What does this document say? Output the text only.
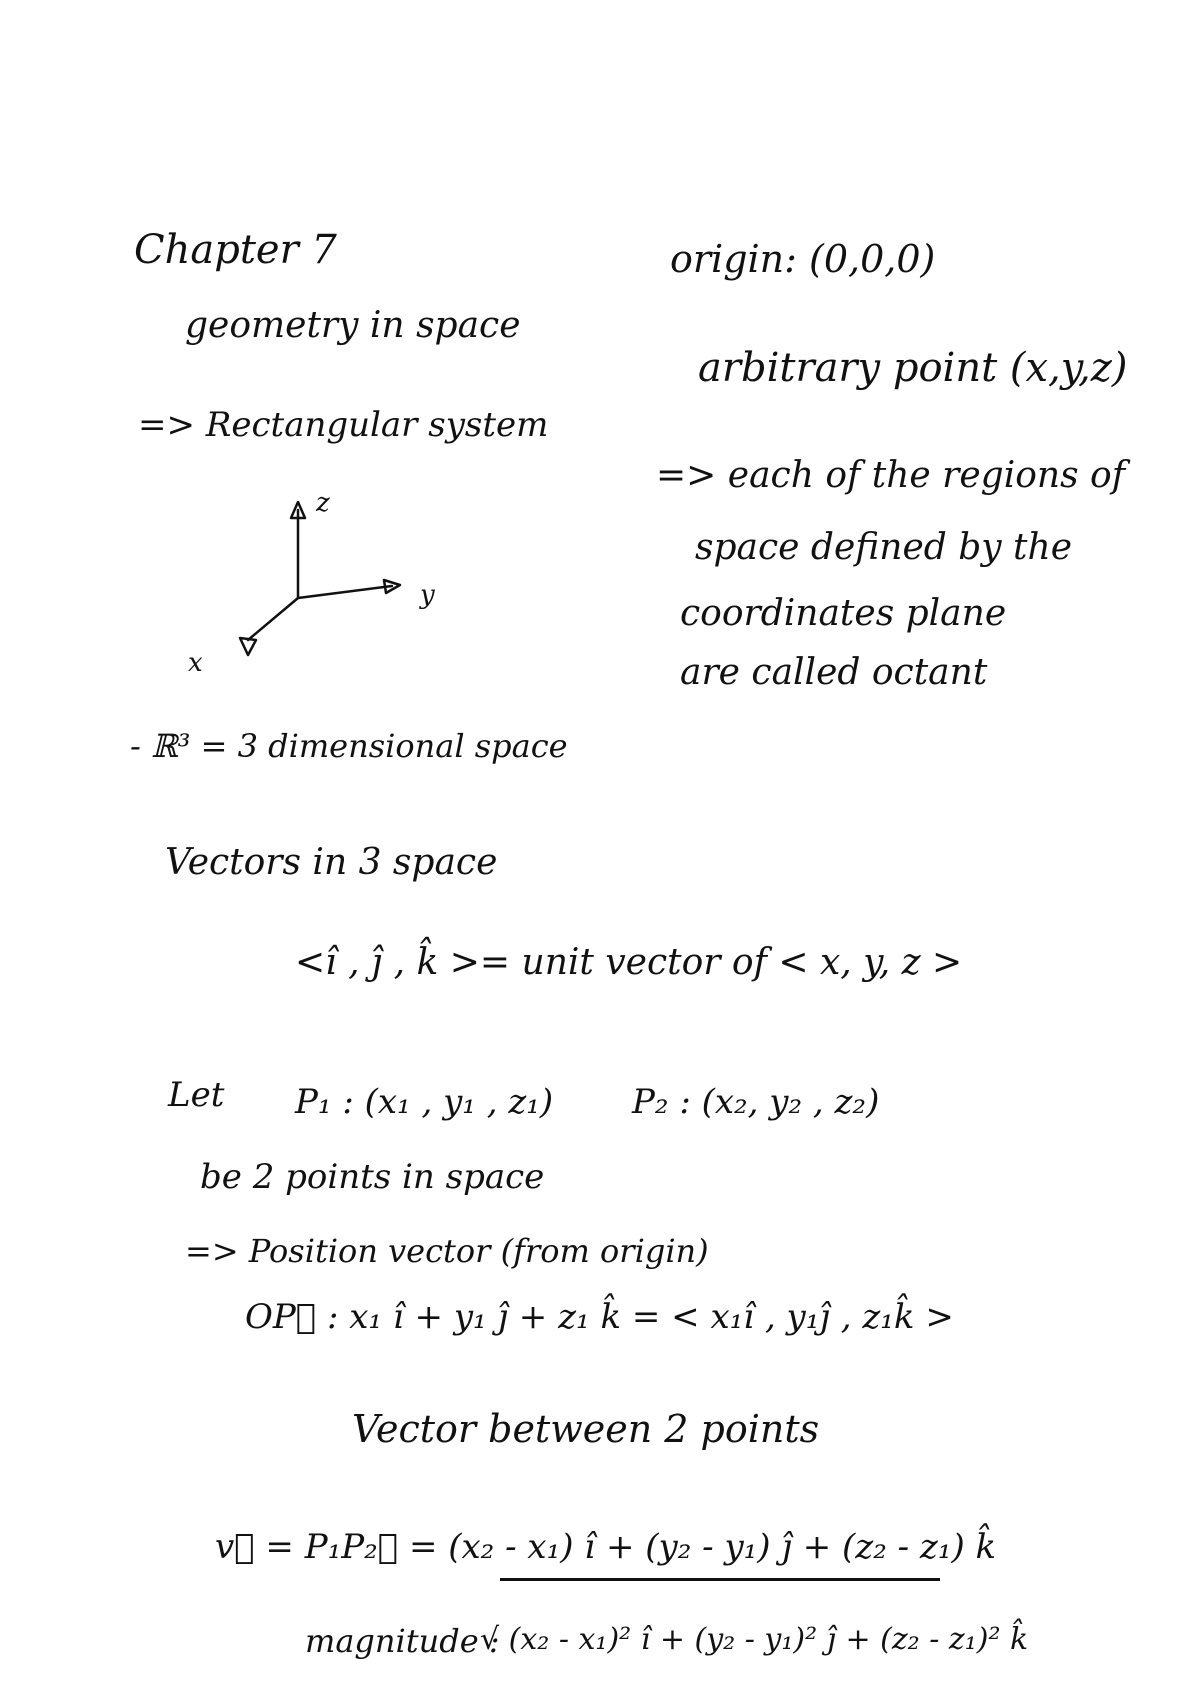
Chapter 7
geometry in space
=> Rectangular system
z
y
x
- ℝ³ = 3 dimensional space
origin: (0,0,0)
arbitrary point (x,y,z)
=> each of the regions of
space defined by the
coordinates plane
are called octant
Vectors in 3 space
<î , ĵ , k̂ >= unit vector of < x, y, z >
Let P₁ : (x₁ , y₁ , z₁) P₂ : (x₂, y₂ , z₂)
be 2 points in space
=> Position vector (from origin)
OP⃗ : x₁ î + y₁ ĵ + z₁ k̂ = < x₁î , y₁ĵ , z₁k̂ >
Vector between 2 points
v⃗ = P₁P₂⃗ = (x₂ - x₁) î + (y₂ - y₁) ĵ + (z₂ - z₁) k̂
magnitude :
√ (x₂ - x₁)² î + (y₂ - y₁)² ĵ + (z₂ - z₁)² k̂
